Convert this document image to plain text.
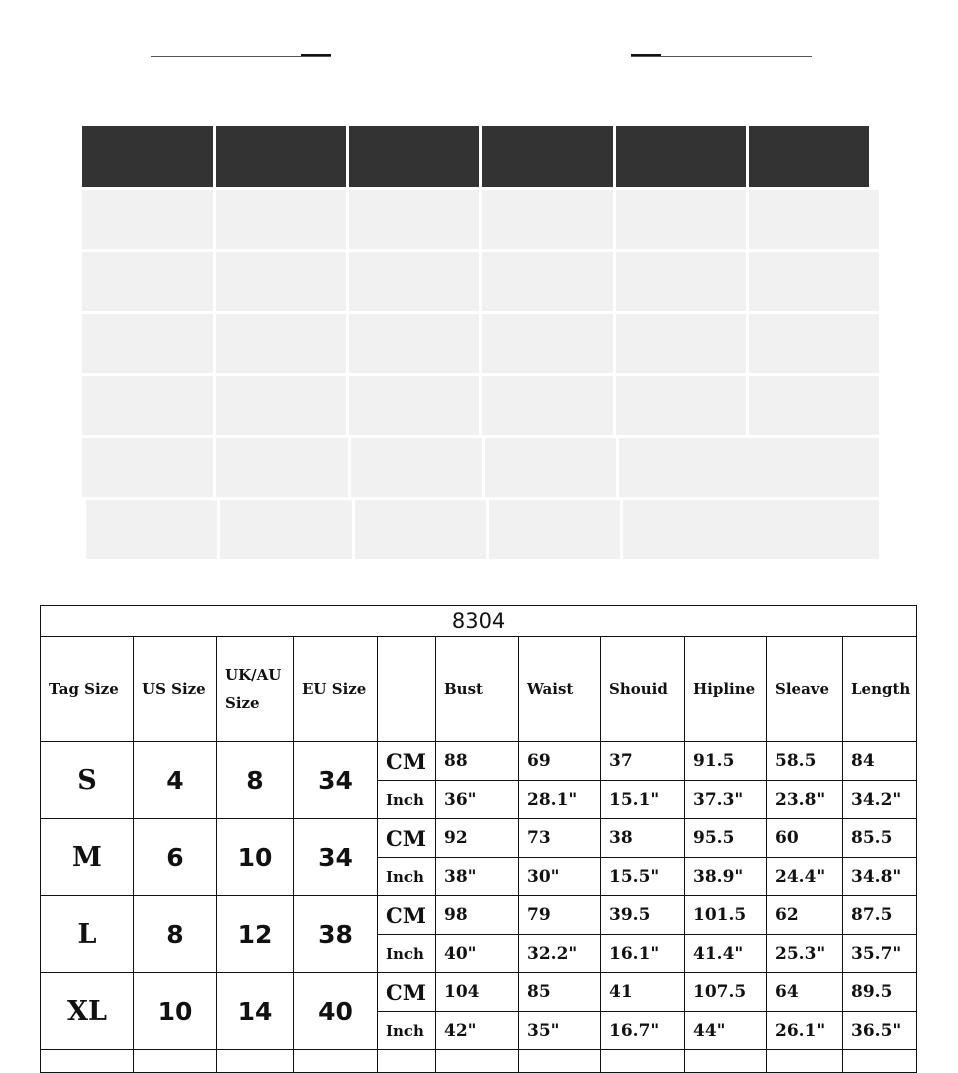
8304										
Tag Size	US Size	UK/AU Size	EU Size		Bust	Waist	Shouid	Hipline	Sleave	Length
S	4	8	34	CM	88	69	37	91.5	58.5	84
				Inch	36"	28.1"	15.1"	37.3"	23.8"	34.2"
M	6	10	34	CM	92	73	38	95.5	60	85.5
				Inch	38"	30"	15.5"	38.9"	24.4"	34.8"
L	8	12	38	CM	98	79	39.5	101.5	62	87.5
				Inch	40"	32.2"	16.1"	41.4"	25.3"	35.7"
XL	10	14	40	CM	104	85	41	107.5	64	89.5
				Inch	42"	35"	16.7"	44"	26.1"	36.5"
